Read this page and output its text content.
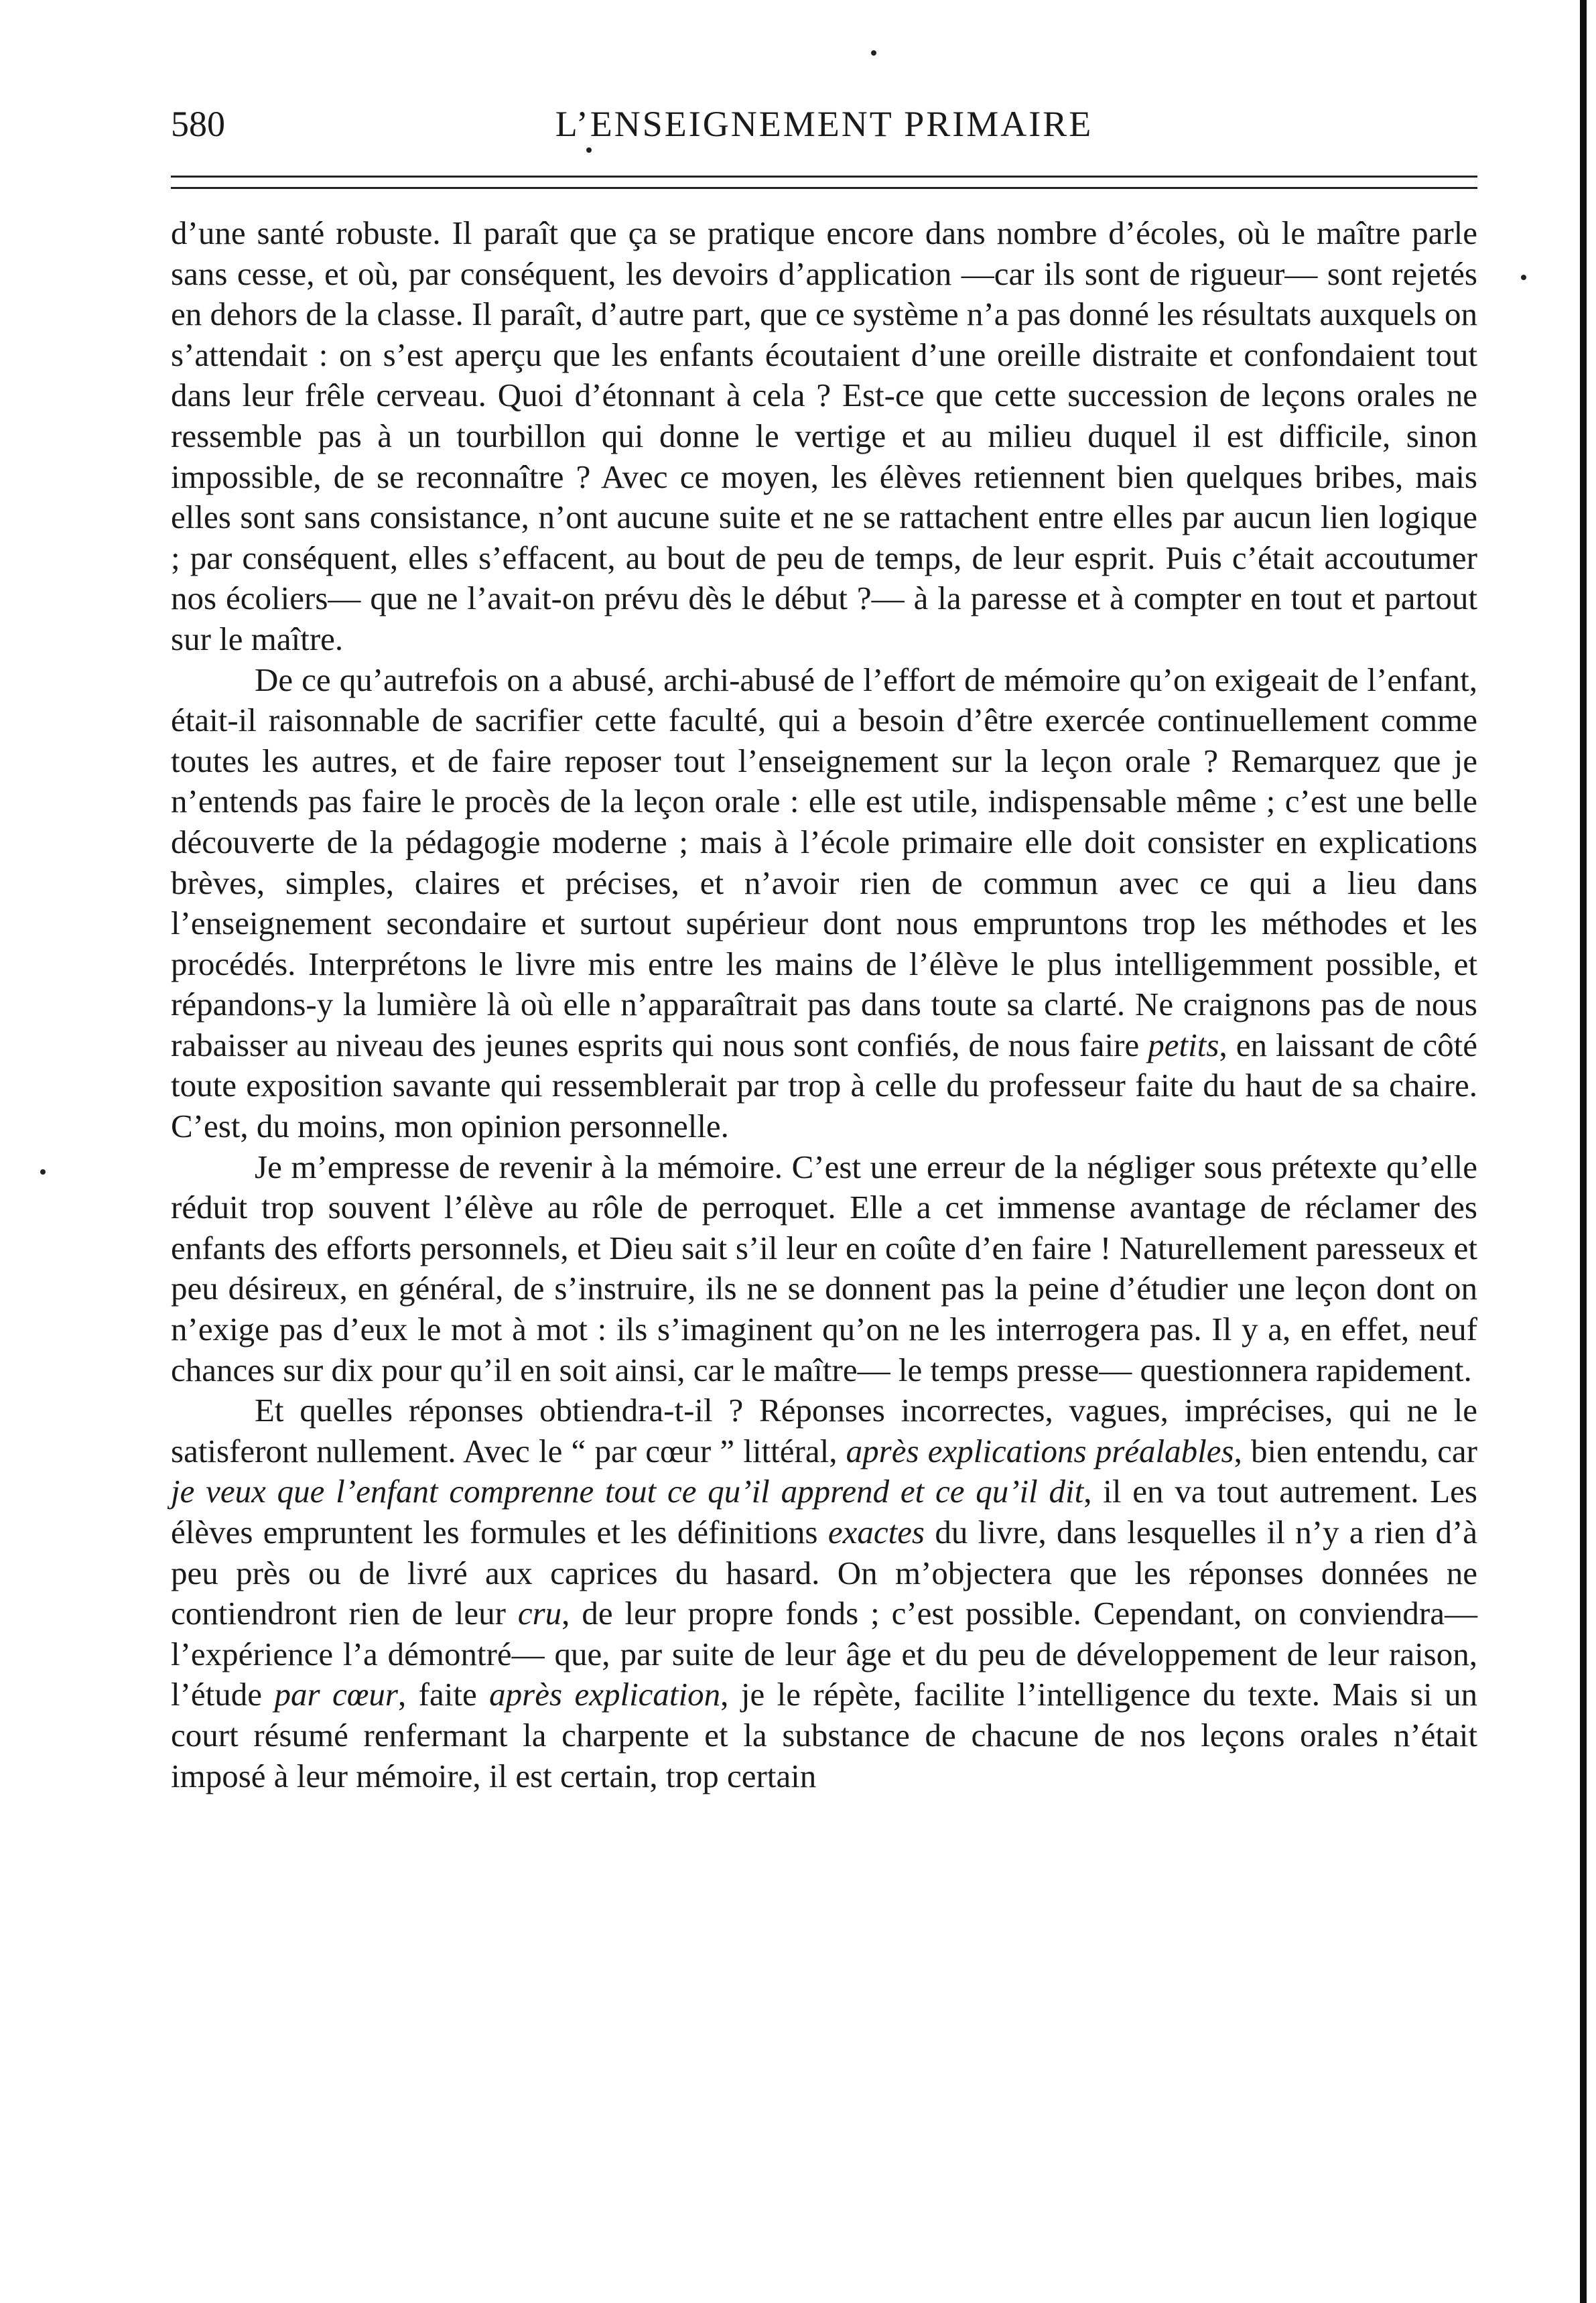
580	L’ENSEIGNEMENT PRIMAIRE

d’une santé robuste. Il paraît que ça se pratique encore dans nombre d’écoles, où le maître parle sans cesse, et où, par conséquent, les devoirs d’application —car ils sont de rigueur— sont rejetés en dehors de la classe. Il paraît, d’autre part, que ce système n’a pas donné les résultats auxquels on s’attendait : on s’est aperçu que les enfants écoutaient d’une oreille distraite et confondaient tout dans leur frêle cerveau. Quoi d’étonnant à cela ? Est-ce que cette succession de leçons orales ne ressemble pas à un tourbillon qui donne le vertige et au milieu duquel il est difficile, sinon impossible, de se reconnaître ? Avec ce moyen, les élèves retiennent bien quelques bribes, mais elles sont sans consistance, n’ont aucune suite et ne se rattachent entre elles par aucun lien logique ; par conséquent, elles s’effacent, au bout de peu de temps, de leur esprit. Puis c’était accoutumer nos écoliers— que ne l’avait-on prévu dès le début ?— à la paresse et à compter en tout et partout sur le maître.

De ce qu’autrefois on a abusé, archi-abusé de l’effort de mémoire qu’on exigeait de l’enfant, était-il raisonnable de sacrifier cette faculté, qui a besoin d’être exercée continuellement comme toutes les autres, et de faire reposer tout l’enseignement sur la leçon orale ? Remarquez que je n’entends pas faire le procès de la leçon orale : elle est utile, indispensable même ; c’est une belle découverte de la pédagogie moderne ; mais à l’école primaire elle doit consister en explications brèves, simples, claires et précises, et n’avoir rien de commun avec ce qui a lieu dans l’enseignement secondaire et surtout supérieur dont nous empruntons trop les méthodes et les procédés. Interprétons le livre mis entre les mains de l’élève le plus intelligemment possible, et répandons-y la lumière là où elle n’apparaîtrait pas dans toute sa clarté. Ne craignons pas de nous rabaisser au niveau des jeunes esprits qui nous sont confiés, de nous faire petits, en laissant de côté toute exposition savante qui ressemblerait par trop à celle du professeur faite du haut de sa chaire. C’est, du moins, mon opinion personnelle.

Je m’empresse de revenir à la mémoire. C’est une erreur de la négliger sous prétexte qu’elle réduit trop souvent l’élève au rôle de perroquet. Elle a cet immense avantage de réclamer des enfants des efforts personnels, et Dieu sait s’il leur en coûte d’en faire ! Naturellement paresseux et peu désireux, en général, de s’instruire, ils ne se donnent pas la peine d’étudier une leçon dont on n’exige pas d’eux le mot à mot : ils s’imaginent qu’on ne les interrogera pas. Il y a, en effet, neuf chances sur dix pour qu’il en soit ainsi, car le maître— le temps presse— questionnera rapidement.

Et quelles réponses obtiendra-t-il ? Réponses incorrectes, vagues, imprécises, qui ne le satisferont nullement. Avec le “ par cœur ” littéral, après explications préalables, bien entendu, car je veux que l’enfant comprenne tout ce qu’il apprend et ce qu’il dit, il en va tout autrement. Les élèves empruntent les formules et les définitions exactes du livre, dans lesquelles il n’y a rien d’à peu près ou de livré aux caprices du hasard. On m’objectera que les réponses données ne contiendront rien de leur cru, de leur propre fonds ; c’est possible. Cependant, on conviendra— l’expérience l’a démontré— que, par suite de leur âge et du peu de développement de leur raison, l’étude par cœur, faite après explication, je le répète, facilite l’intelligence du texte. Mais si un court résumé renfermant la charpente et la substance de chacune de nos leçons orales n’était imposé à leur mémoire, il est certain, trop certain
